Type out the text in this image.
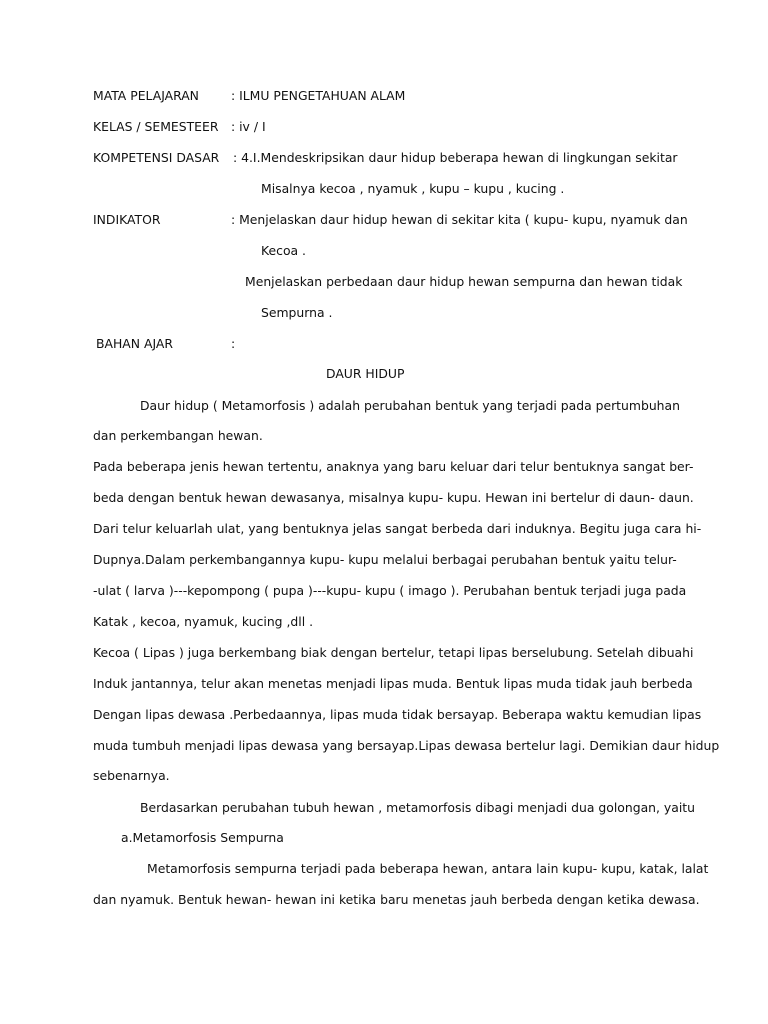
MATA PELAJARAN	: ILMU PENGETAHUAN ALAM
KELAS / SEMESTEER : iv / I
KOMPETENSI DASAR : 4.I.Mendeskripsikan daur hidup beberapa hewan di lingkungan sekitar
Misalnya kecoa , nyamuk , kupu – kupu , kucing .
INDIKATOR	: Menjelaskan daur hidup hewan di sekitar kita ( kupu- kupu, nyamuk dan
Kecoa .
Menjelaskan perbedaan daur hidup hewan sempurna dan hewan tidak
Sempurna .
BAHAN AJAR	:
DAUR HIDUP
Daur hidup ( Metamorfosis ) adalah perubahan bentuk yang terjadi pada pertumbuhan
dan perkembangan hewan.
Pada beberapa jenis hewan tertentu, anaknya yang baru keluar dari telur bentuknya sangat ber-
beda dengan bentuk hewan dewasanya, misalnya kupu- kupu. Hewan ini bertelur di daun- daun.
Dari telur keluarlah ulat, yang bentuknya jelas sangat berbeda dari induknya. Begitu juga cara hi-
Dupnya.Dalam perkembangannya kupu- kupu melalui berbagai perubahan bentuk yaitu telur-
-ulat ( larva )---kepompong ( pupa )---kupu- kupu ( imago ). Perubahan bentuk terjadi juga pada
Katak , kecoa, nyamuk, kucing ,dll .
Kecoa ( Lipas ) juga berkembang biak dengan bertelur, tetapi lipas berselubung. Setelah dibuahi
Induk jantannya, telur akan menetas menjadi lipas muda. Bentuk lipas muda tidak jauh berbeda
Dengan lipas dewasa .Perbedaannya, lipas muda tidak bersayap. Beberapa waktu kemudian lipas
muda tumbuh menjadi lipas dewasa yang bersayap.Lipas dewasa bertelur lagi. Demikian daur hidup
sebenarnya.
Berdasarkan perubahan tubuh hewan , metamorfosis dibagi menjadi dua golongan, yaitu
a.Metamorfosis Sempurna
Metamorfosis sempurna terjadi pada beberapa hewan, antara lain kupu- kupu, katak, lalat
dan nyamuk. Bentuk hewan- hewan ini ketika baru menetas jauh berbeda dengan ketika dewasa.
